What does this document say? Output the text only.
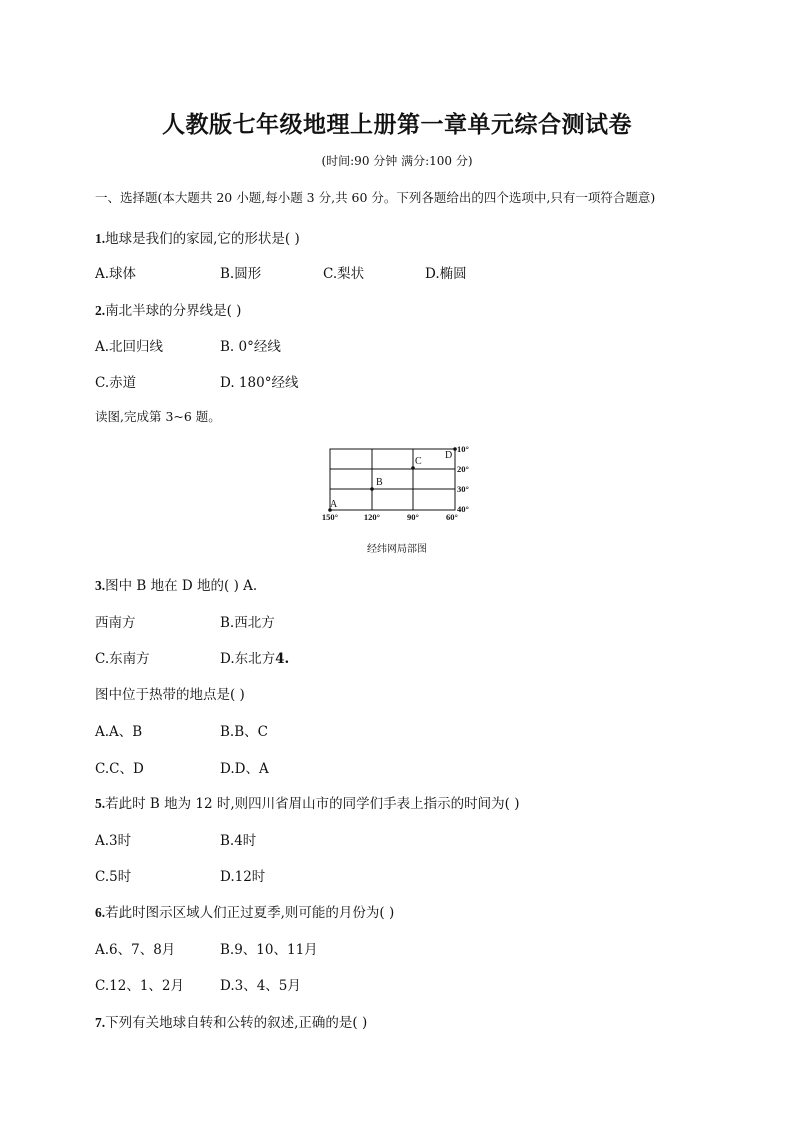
人教版七年级地理上册第一章单元综合测试卷
(时间:90 分钟 满分:100 分)
一、选择题(本大题共 20 小题,每小题 3 分,共 60 分。下列各题给出的四个选项中,只有一项符合题意)
1.地球是我们的家园,它的形状是( )
A.球体	B.圆形	C.梨状	D.椭圆
2.南北半球的分界线是( )
A.北回归线	B. 0°经线
C.赤道	D. 180°经线
读图,完成第 3~6 题。
A
B
C
D
10°
20°
30°
40°
150°	120°	90°	60°
经纬网局部图
3.图中 B 地在 D 地的( ) A.
西南方	B.西北方
C.东南方	D.东北方4.
图中位于热带的地点是( )
A.A、B	B.B、C
C.C、D	D.D、A
5.若此时 B 地为 12 时,则四川省眉山市的同学们手表上指示的时间为( )
A.3时	B.4时
C.5时	D.12时
6.若此时图示区域人们正过夏季,则可能的月份为( )
A.6、7、8月	B.9、10、11月
C.12、1、2月	D.3、4、5月
7.下列有关地球自转和公转的叙述,正确的是( )
